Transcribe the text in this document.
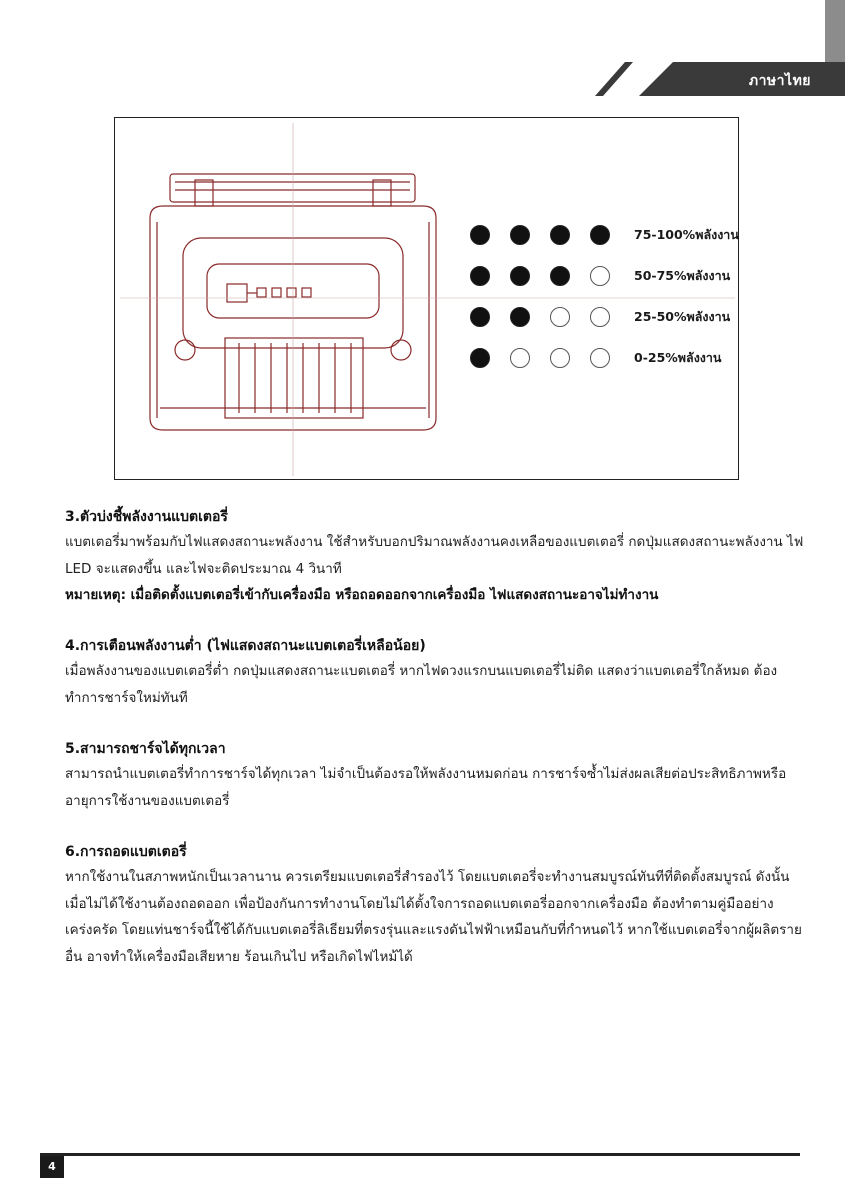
ภาษาไทย
75-100%พลังงาน
50-75%พลังงาน
25-50%พลังงาน
0-25%พลังงาน
3.ตัวบ่งชี้พลังงานแบตเตอรี่
แบตเตอรี่มาพร้อมกับไฟแสดงสถานะพลังงาน ใช้สำหรับบอกปริมาณพลังงานคงเหลือของแบตเตอรี่ กดปุ่มแสดงสถานะพลังงาน ไฟ LED จะแสดงขึ้น และไฟจะติดประมาณ 4 วินาที
หมายเหตุ: เมื่อติดตั้งแบตเตอรี่เข้ากับเครื่องมือ หรือถอดออกจากเครื่องมือ ไฟแสดงสถานะอาจไม่ทำงาน
4.การเตือนพลังงานต่ำ (ไฟแสดงสถานะแบตเตอรี่เหลือน้อย)
เมื่อพลังงานของแบตเตอรี่ต่ำ กดปุ่มแสดงสถานะแบตเตอรี่ หากไฟดวงแรกบนแบตเตอรี่ไม่ติด แสดงว่าแบตเตอรี่ใกล้หมด ต้องทำการชาร์จใหม่ทันที
5.สามารถชาร์จได้ทุกเวลา
สามารถนำแบตเตอรี่ทำการชาร์จได้ทุกเวลา ไม่จำเป็นต้องรอให้พลังงานหมดก่อน การชาร์จซ้ำไม่ส่งผลเสียต่อประสิทธิภาพหรืออายุการใช้งานของแบตเตอรี่
6.การถอดแบตเตอรี่
หากใช้งานในสภาพหนักเป็นเวลานาน ควรเตรียมแบตเตอรี่สำรองไว้ โดยแบตเตอรี่จะทำงานสมบูรณ์ทันทีที่ติดตั้งสมบูรณ์ ดังนั้นเมื่อไม่ได้ใช้งานต้องถอดออก เพื่อป้องกันการทำงานโดยไม่ได้ตั้งใจการถอดแบตเตอรี่ออกจากเครื่องมือ ต้องทำตามคู่มืออย่างเคร่งครัด โดยแท่นชาร์จนี้ใช้ได้กับแบตเตอรี่ลิเธียมที่ตรงรุ่นและแรงดันไฟฟ้าเหมือนกับที่กำหนดไว้ หากใช้แบตเตอรี่จากผู้ผลิตรายอื่น อาจทำให้เครื่องมือเสียหาย ร้อนเกินไป หรือเกิดไฟไหม้ได้
4
